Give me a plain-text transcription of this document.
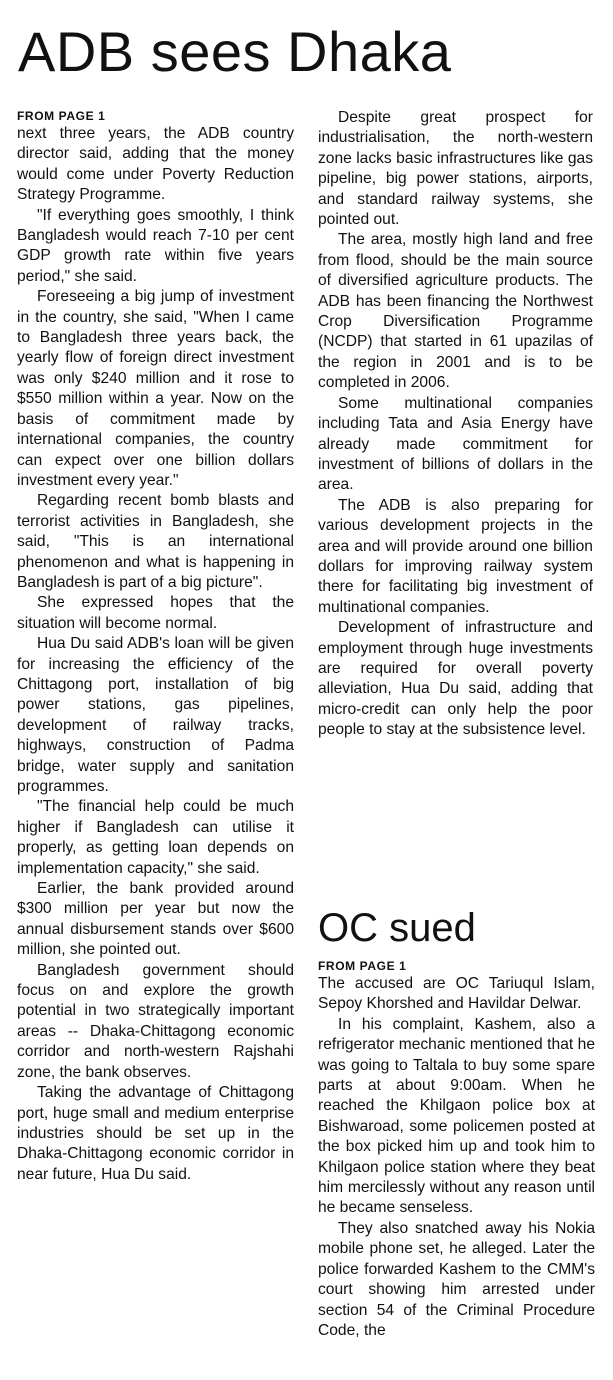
ADB sees Dhaka
FROM PAGE 1

next three years, the ADB country director said, adding that the money would come under Poverty Reduction Strategy Programme.

"If everything goes smoothly, I think Bangladesh would reach 7-10 per cent GDP growth rate within five years period," she said.

Foreseeing a big jump of investment in the country, she said, "When I came to Bangladesh three years back, the yearly flow of foreign direct investment was only $240 million and it rose to $550 million within a year. Now on the basis of commitment made by international companies, the country can expect over one billion dollars investment every year."

Regarding recent bomb blasts and terrorist activities in Bangladesh, she said, "This is an international phenomenon and what is happening in Bangladesh is part of a big picture".

She expressed hopes that the situation will become normal.

Hua Du said ADB's loan will be given for increasing the efficiency of the Chittagong port, installation of big power stations, gas pipelines, development of railway tracks, highways, construction of Padma bridge, water supply and sanitation programmes.

"The financial help could be much higher if Bangladesh can utilise it properly, as getting loan depends on implementation capacity," she said.

Earlier, the bank provided around $300 million per year but now the annual disbursement stands over $600 million, she pointed out.

Bangladesh government should focus on and explore the growth potential in two strategically important areas -- Dhaka-Chittagong economic corridor and north-western Rajshahi zone, the bank observes.

Taking the advantage of Chittagong port, huge small and medium enterprise industries should be set up in the Dhaka-Chittagong economic corridor in near future, Hua Du said.

Despite great prospect for industrialisation, the north-western zone lacks basic infrastructures like gas pipeline, big power stations, airports, and standard railway systems, she pointed out.

The area, mostly high land and free from flood, should be the main source of diversified agriculture products. The ADB has been financing the Northwest Crop Diversification Programme (NCDP) that started in 61 upazilas of the region in 2001 and is to be completed in 2006.

Some multinational companies including Tata and Asia Energy have already made commitment for investment of billions of dollars in the area.

The ADB is also preparing for various development projects in the area and will provide around one billion dollars for improving railway system there for facilitating big investment of multinational companies.

Development of infrastructure and employment through huge investments are required for overall poverty alleviation, Hua Du said, adding that micro-credit can only help the poor people to stay at the subsistence level.

OC sued
FROM PAGE 1

The accused are OC Tariuqul Islam, Sepoy Khorshed and Havildar Delwar.

In his complaint, Kashem, also a refrigerator mechanic mentioned that he was going to Taltala to buy some spare parts at about 9:00am. When he reached the Khilgaon police box at Bishwaroad, some policemen posted at the box picked him up and took him to Khilgaon police station where they beat him mercilessly without any reason until he became senseless.

They also snatched away his Nokia mobile phone set, he alleged. Later the police forwarded Kashem to the CMM's court showing him arrested under section 54 of the Criminal Procedure Code, the
